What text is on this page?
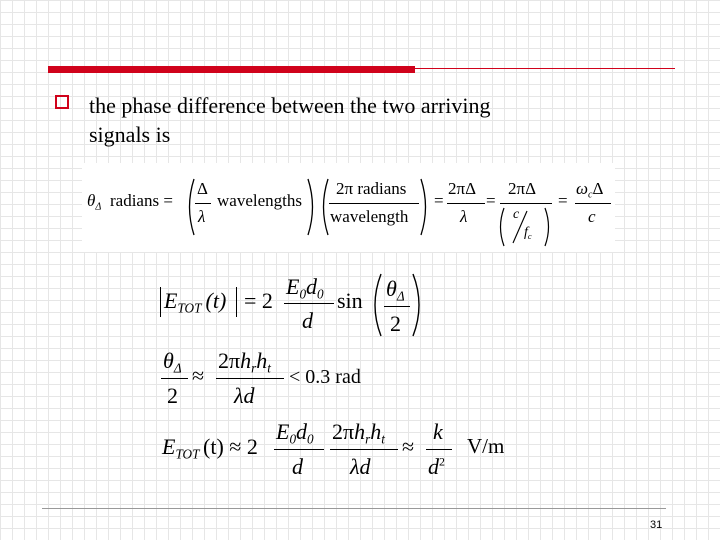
the phase difference between the two arriving
signals is
$\theta_\Delta$ radians =
Δ
λ
wavelengths
2π radians
wavelength
=
2πΔ
λ
=
2πΔ
c
$f_c$
=
$\omega_c\Delta$
c
$E_{TOT}$ (t) = 2
$E_0d_0$
d
$\sin \theta_\Delta$
2
$\theta_\Delta$
2
≈
$2\pi h_rh_t$
λd
< 0.3 rad
$E_{TOT}$ (t) ≈ 2
$E_0d_0$
d
$2\pi h_rh_t$
λd
≈
k
$d^2$
V/m
31
